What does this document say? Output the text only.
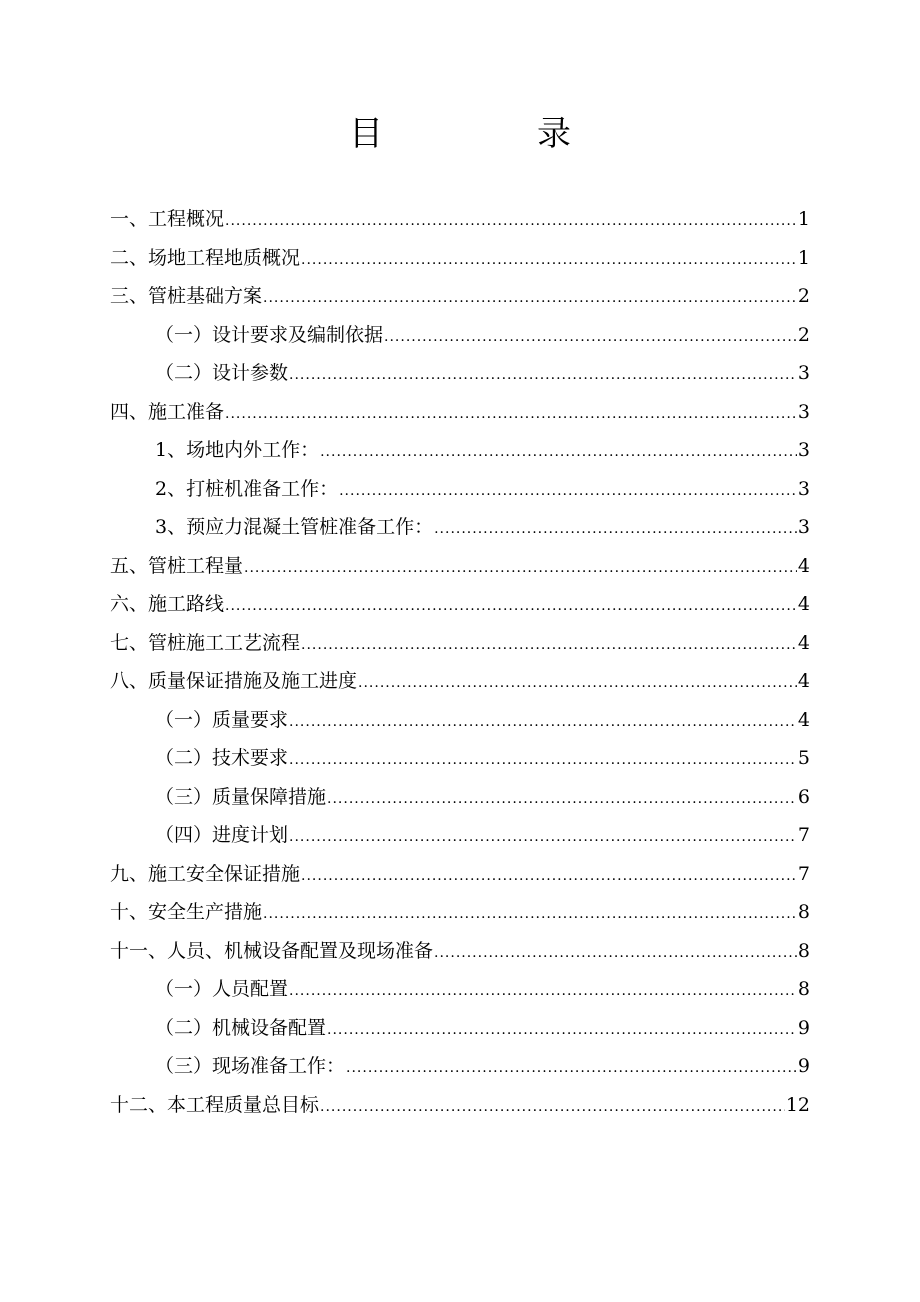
目　录
一、工程概况 .....	1
二、场地工程地质概况 .....	1
三、管桩基础方案 .....	2
（一）设计要求及编制依据 .....	2
（二）设计参数 .....	3
四、施工准备 .....	3
1、场地内外工作： .....	3
2、打桩机准备工作： .....	3
3、预应力混凝土管桩准备工作： .....	3
五、管桩工程量 .....	4
六、施工路线 .....	4
七、管桩施工工艺流程 .....	4
八、质量保证措施及施工进度 .....	4
（一）质量要求 .....	4
（二）技术要求 .....	5
（三）质量保障措施 .....	6
（四）进度计划 .....	7
九、施工安全保证措施 .....	7
十、安全生产措施 .....	8
十一、人员、机械设备配置及现场准备 .....	8
（一）人员配置 .....	8
（二）机械设备配置 .....	9
（三）现场准备工作： .....	9
十二、本工程质量总目标 .....	12
